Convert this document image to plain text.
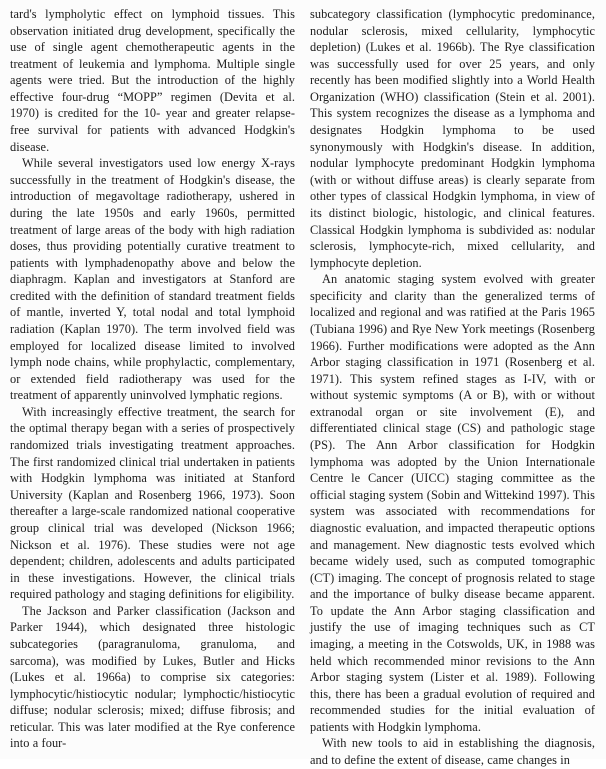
tard's lympholytic effect on lymphoid tissues. This observation initiated drug development, specifically the use of single agent chemotherapeutic agents in the treatment of leukemia and lymphoma. Multiple single agents were tried. But the introduction of the highly effective four-drug “MOPP” regimen (Devita et al. 1970) is credited for the 10- year and greater relapse-free survival for patients with advanced Hodgkin's disease.

While several investigators used low energy X-rays successfully in the treatment of Hodgkin's disease, the introduction of megavoltage radiotherapy, ushered in during the late 1950s and early 1960s, permitted treatment of large areas of the body with high radiation doses, thus providing potentially curative treatment to patients with lymphadenopathy above and below the diaphragm. Kaplan and investigators at Stanford are credited with the definition of standard treatment fields of mantle, inverted Y, total nodal and total lymphoid radiation (Kaplan 1970). The term involved field was employed for localized disease limited to involved lymph node chains, while prophylactic, complementary, or extended field radiotherapy was used for the treatment of apparently uninvolved lymphatic regions.

With increasingly effective treatment, the search for the optimal therapy began with a series of prospectively randomized trials investigating treatment approaches. The first randomized clinical trial undertaken in patients with Hodgkin lymphoma was initiated at Stanford University (Kaplan and Rosenberg 1966, 1973). Soon thereafter a large-scale randomized national cooperative group clinical trial was developed (Nickson 1966; Nickson et al. 1976). These studies were not age dependent; children, adolescents and adults participated in these investigations. However, the clinical trials required pathology and staging definitions for eligibility.

The Jackson and Parker classification (Jackson and Parker 1944), which designated three histologic subcategories (paragranuloma, granuloma, and sarcoma), was modified by Lukes, Butler and Hicks (Lukes et al. 1966a) to comprise six categories: lymphocytic/histiocytic nodular; lymphoctic/histiocytic diffuse; nodular sclerosis; mixed; diffuse fibrosis; and reticular. This was later modified at the Rye conference into a four-

subcategory classification (lymphocytic predominance, nodular sclerosis, mixed cellularity, lymphocytic depletion) (Lukes et al. 1966b). The Rye classification was successfully used for over 25 years, and only recently has been modified slightly into a World Health Organization (WHO) classification (Stein et al. 2001). This system recognizes the disease as a lymphoma and designates Hodgkin lymphoma to be used synonymously with Hodgkin's disease. In addition, nodular lymphocyte predominant Hodgkin lymphoma (with or without diffuse areas) is clearly separate from other types of classical Hodgkin lymphoma, in view of its distinct biologic, histologic, and clinical features. Classical Hodgkin lymphoma is subdivided as: nodular sclerosis, lymphocyte-rich, mixed cellularity, and lymphocyte depletion.

An anatomic staging system evolved with greater specificity and clarity than the generalized terms of localized and regional and was ratified at the Paris 1965 (Tubiana 1996) and Rye New York meetings (Rosenberg 1966). Further modifications were adopted as the Ann Arbor staging classification in 1971 (Rosenberg et al. 1971). This system refined stages as I-IV, with or without systemic symptoms (A or B), with or without extranodal organ or site involvement (E), and differentiated clinical stage (CS) and pathologic stage (PS). The Ann Arbor classification for Hodgkin lymphoma was adopted by the Union Internationale Centre le Cancer (UICC) staging committee as the official staging system (Sobin and Wittekind 1997). This system was associated with recommendations for diagnostic evaluation, and impacted therapeutic options and management. New diagnostic tests evolved which became widely used, such as computed tomographic (CT) imaging. The concept of prognosis related to stage and the importance of bulky disease became apparent. To update the Ann Arbor staging classification and justify the use of imaging techniques such as CT imaging, a meeting in the Cotswolds, UK, in 1988 was held which recommended minor revisions to the Ann Arbor staging system (Lister et al. 1989). Following this, there has been a gradual evolution of required and recommended studies for the initial evaluation of patients with Hodgkin lymphoma.

With new tools to aid in establishing the diagnosis, and to define the extent of disease, came changes in
